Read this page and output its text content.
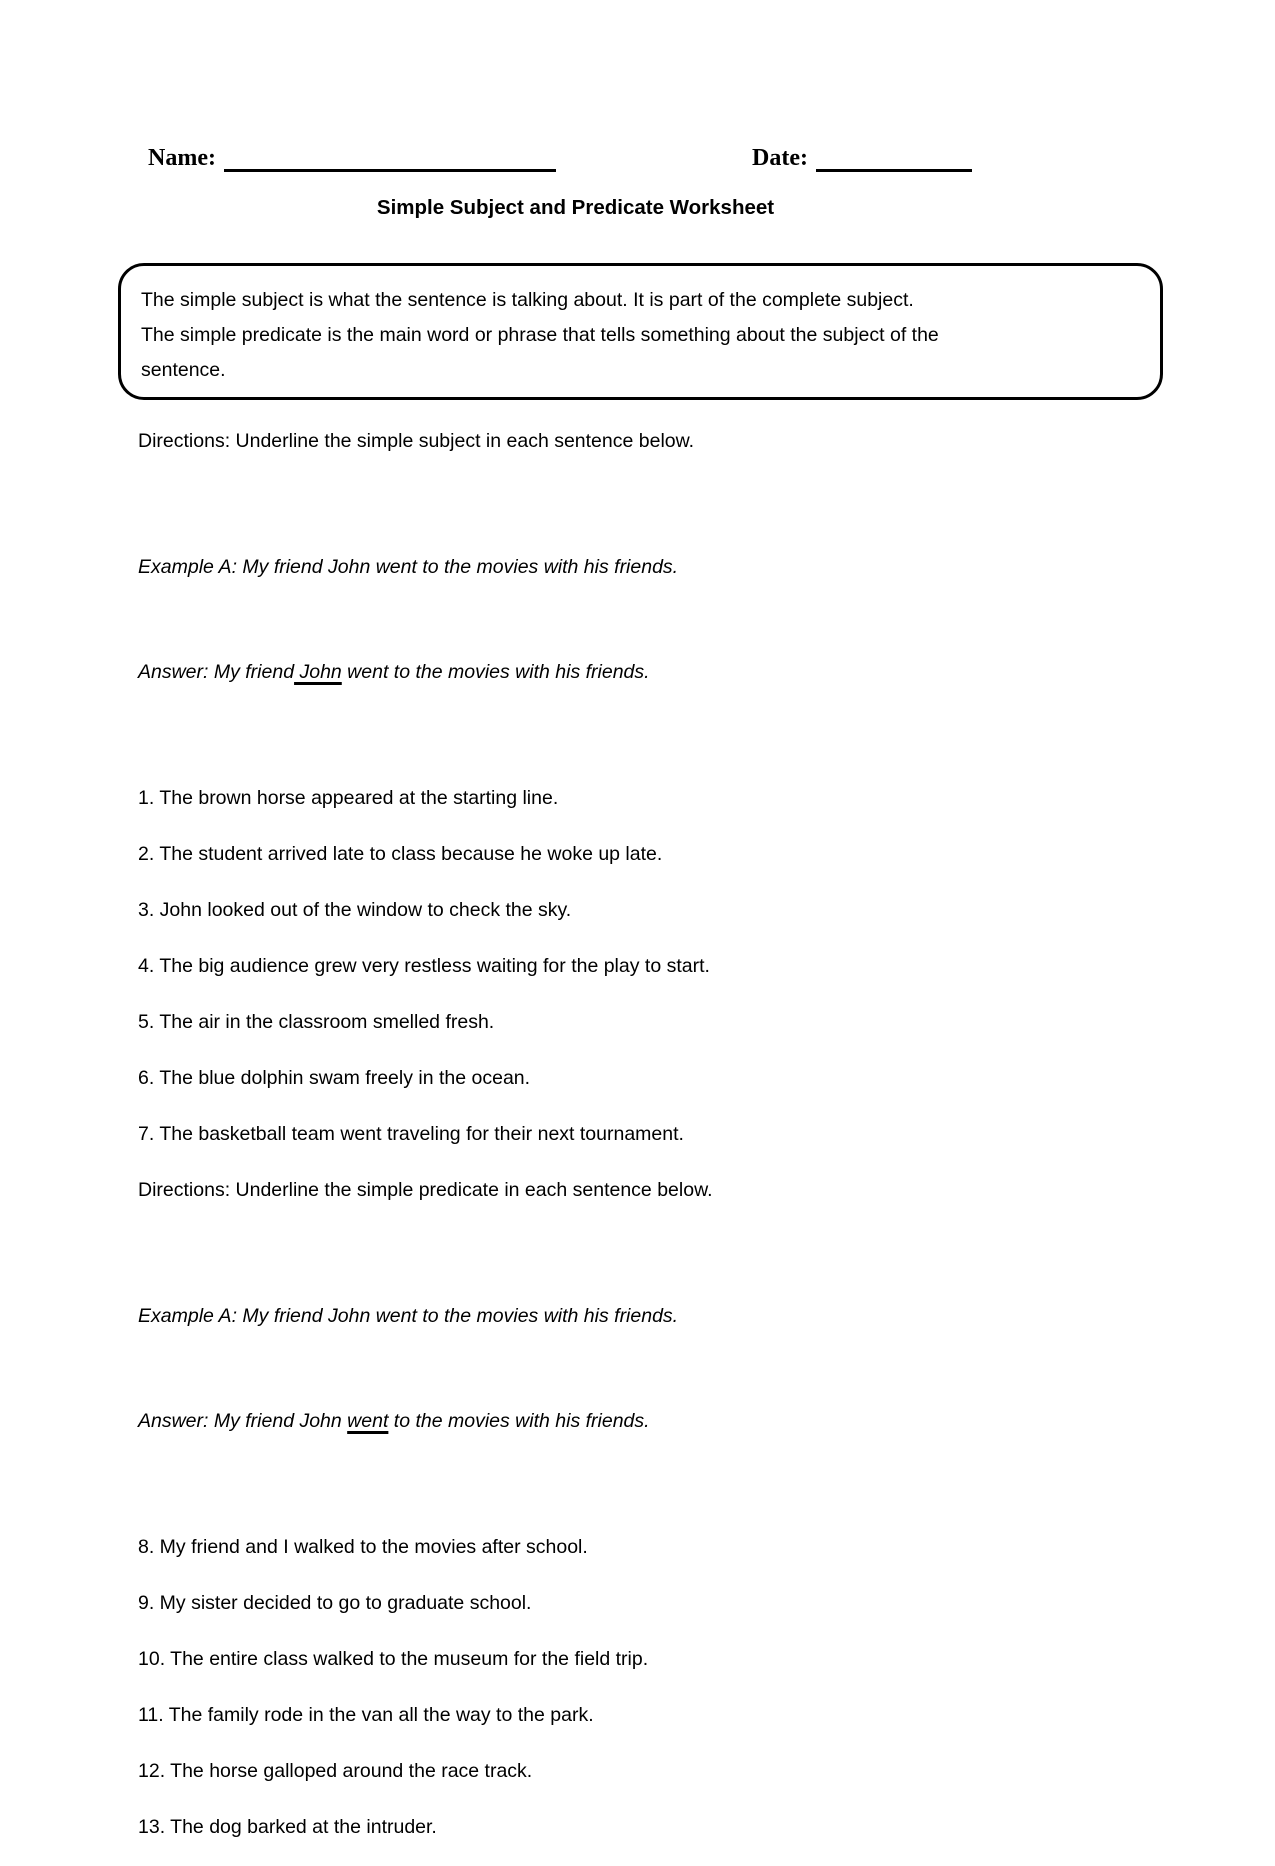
Name:	Date:
Simple Subject and Predicate Worksheet
The simple subject is what the sentence is talking about. It is part of the complete subject.
The simple predicate is the main word or phrase that tells something about the subject of the
sentence.
Directions: Underline the simple subject in each sentence below.

Example A: My friend John went to the movies with his friends.

Answer: My friend John went to the movies with his friends.

1. The brown horse appeared at the starting line.
2. The student arrived late to class because he woke up late.
3. John looked out of the window to check the sky.
4. The big audience grew very restless waiting for the play to start.
5. The air in the classroom smelled fresh.
6. The blue dolphin swam freely in the ocean.
7. The basketball team went traveling for their next tournament.
Directions: Underline the simple predicate in each sentence below.

Example A: My friend John went to the movies with his friends.

Answer: My friend John went to the movies with his friends.

8. My friend and I walked to the movies after school.
9. My sister decided to go to graduate school.
10. The entire class walked to the museum for the field trip.
11. The family rode in the van all the way to the park.
12. The horse galloped around the race track.
13. The dog barked at the intruder.
